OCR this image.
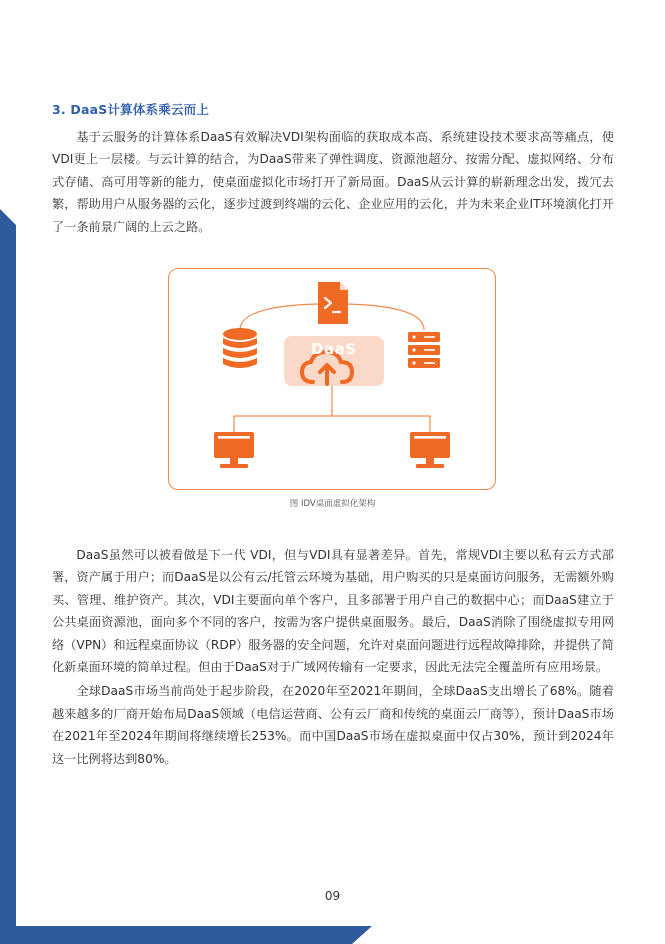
3. DaaS计算体系乘云而上

基于云服务的计算体系DaaS有效解决VDI架构面临的获取成本高、系统建设技术要求高等痛点，使VDI更上一层楼。与云计算的结合，为DaaS带来了弹性调度、资源池超分、按需分配、虚拟网络、分布式存储、高可用等新的能力，使桌面虚拟化市场打开了新局面。DaaS从云计算的崭新理念出发，拨冗去繁，帮助用户从服务器的云化，逐步过渡到终端的云化、企业应用的云化，并为未来企业IT环境演化打开了一条前景广阔的上云之路。

DaaS
图 IDV桌面虚拟化架构

DaaS虽然可以被看做是下一代 VDI，但与VDI具有显著差异。首先，常规VDI主要以私有云方式部署，资产属于用户；而DaaS是以公有云/托管云环境为基础，用户购买的只是桌面访问服务，无需额外购买、管理、维护资产。其次，VDI主要面向单个客户，且多部署于用户自己的数据中心；而DaaS建立于公共桌面资源池，面向多个不同的客户，按需为客户提供桌面服务。最后，DaaS消除了围绕虚拟专用网络（VPN）和远程桌面协议（RDP）服务器的安全问题，允许对桌面问题进行远程故障排除，并提供了简化新桌面环境的简单过程。但由于DaaS对于广域网传输有一定要求，因此无法完全覆盖所有应用场景。

全球DaaS市场当前尚处于起步阶段，在2020年至2021年期间，全球DaaS支出增长了68%。随着越来越多的厂商开始布局DaaS领域（电信运营商、公有云厂商和传统的桌面云厂商等），预计DaaS市场在2021年至2024年期间将继续增长253%。而中国DaaS市场在虚拟桌面中仅占30%，预计到2024年这一比例将达到80%。

09
